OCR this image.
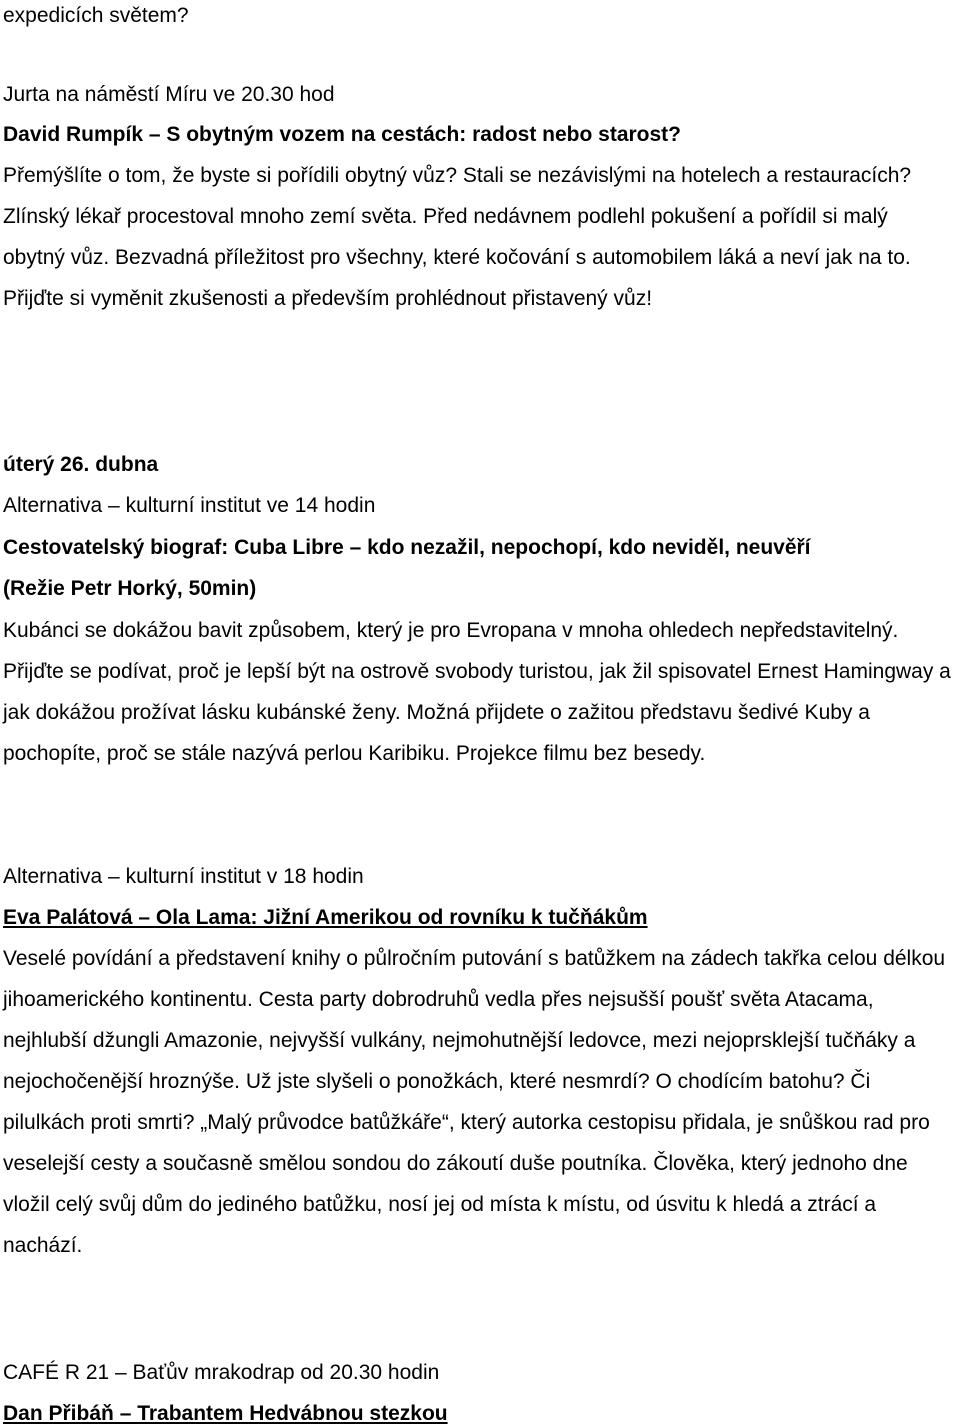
expedicích světem?
Jurta na náměstí Míru ve 20.30 hod
David Rumpík – S obytným vozem na cestách: radost nebo starost?
Přemýšlíte o tom, že byste si pořídili obytný vůz? Stali se nezávislými na hotelech a restauracích? Zlínský lékař procestoval mnoho zemí světa. Před nedávnem podlehl pokušení a pořídil si malý obytný vůz. Bezvadná příležitost pro všechny, které kočování s automobilem láká a neví jak na to. Přijďte si vyměnit zkušenosti a především prohlédnout přistavený vůz!
úterý 26. dubna
Alternativa – kulturní institut ve 14 hodin
Cestovatelský biograf: Cuba Libre – kdo nezažil, nepochopí, kdo neviděl, neuvěří
(Režie Petr Horký, 50min)
Kubánci se dokážou bavit způsobem, který je pro Evropana v mnoha ohledech nepředstavitelný. Přijďte se podívat, proč je lepší být na ostrově svobody turistou, jak žil spisovatel Ernest Hamingway a jak dokážou prožívat lásku kubánské ženy. Možná přijdete o zažitou představu šedivé Kuby a pochopíte, proč se stále nazývá perlou Karibiku. Projekce filmu bez besedy.
Alternativa – kulturní institut v 18 hodin
Eva Palátová – Ola Lama: Jižní Amerikou od rovníku k tučňákům
Veselé povídání a představení knihy o půlročním putování s batůžkem na zádech takřka celou délkou jihoamerického kontinentu. Cesta party dobrodruhů vedla přes nejsušší poušť světa Atacama, nejhlubší džungli Amazonie, nejvyšší vulkány, nejmohutnější ledovce, mezi nejoprsklejší tučňáky a nejochočenější hroznýše. Už jste slyšeli o ponožkách, které nesmrdí? O chodícím batohu? Či pilulkách proti smrti? „Malý průvodce batůžkáře“, který autorka cestopisu přidala, je snůškou rad pro veselejší cesty a současně smělou sondou do zákoutí duše poutníka. Člověka, který jednoho dne vložil celý svůj dům do jediného batůžku, nosí jej od místa k místu, od úsvitu k hledá a ztrácí a nachází.
CAFÉ R 21 – Baťův mrakodrap od 20.30 hodin
Dan Přibáň – Trabantem Hedvábnou stezkou
